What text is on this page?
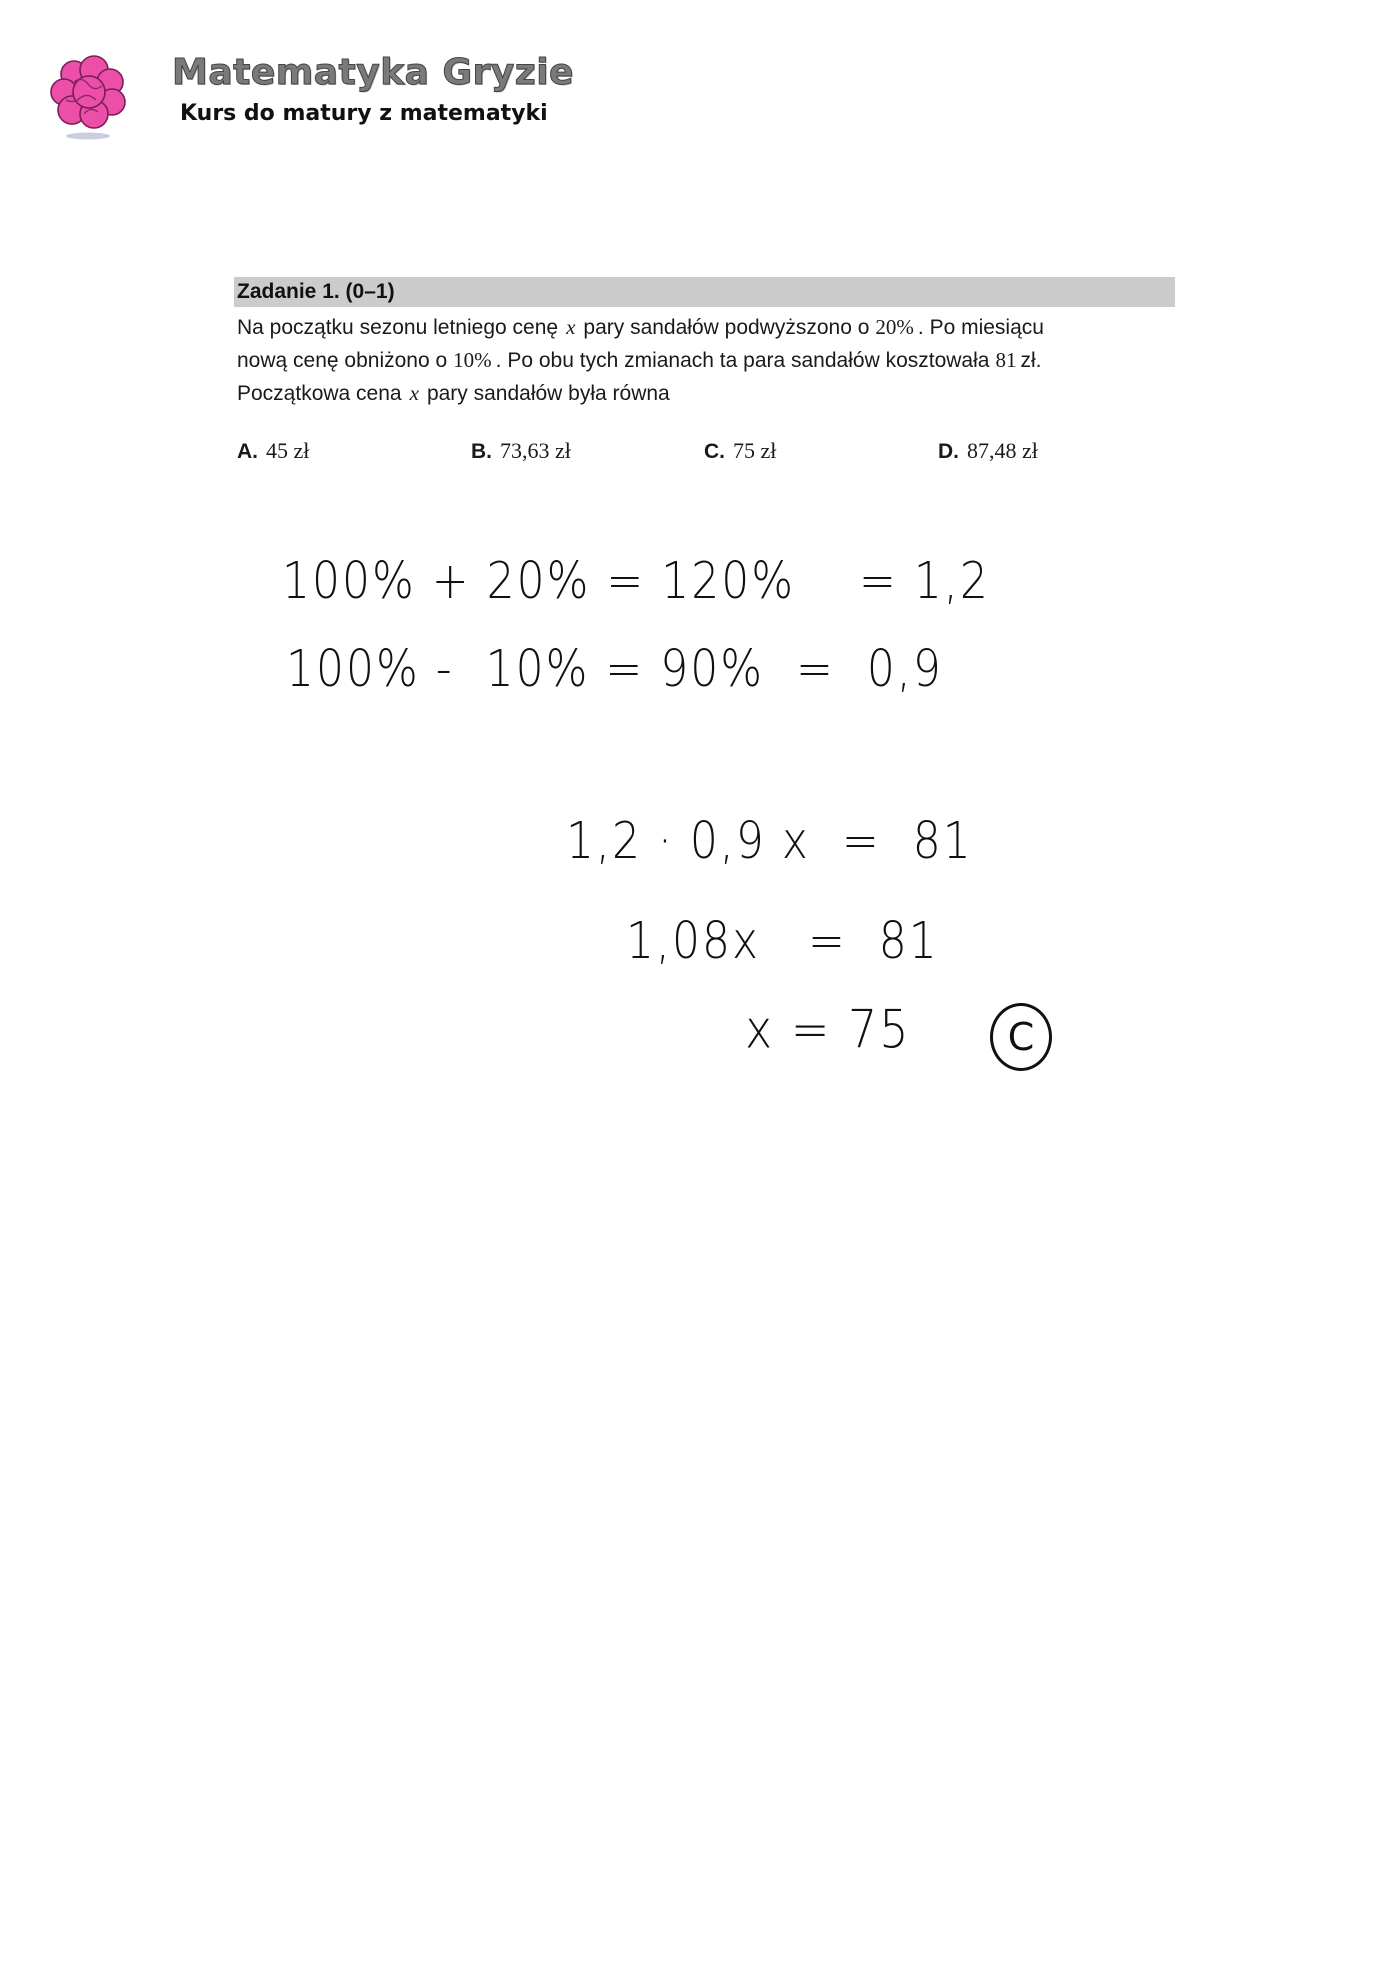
Matematyka Gryzie
Kurs do matury z matematyki
Zadanie 1. (0–1)
Na początku sezonu letniego cenę x pary sandałów podwyższono o 20% . Po miesiącu
nową cenę obniżono o 10% . Po obu tych zmianach ta para sandałów kosztowała 81 zł.
Początkowa cena x pary sandałów była równa
A. 45 zł	B. 73,63 zł	C. 75 zł	D. 87,48 zł
100% + 20% = 120%    = 1,2
100% -  10% = 90%  =  0,9
1,2 · 0,9 x  =  81
1,08x   =  81
x = 75	C
